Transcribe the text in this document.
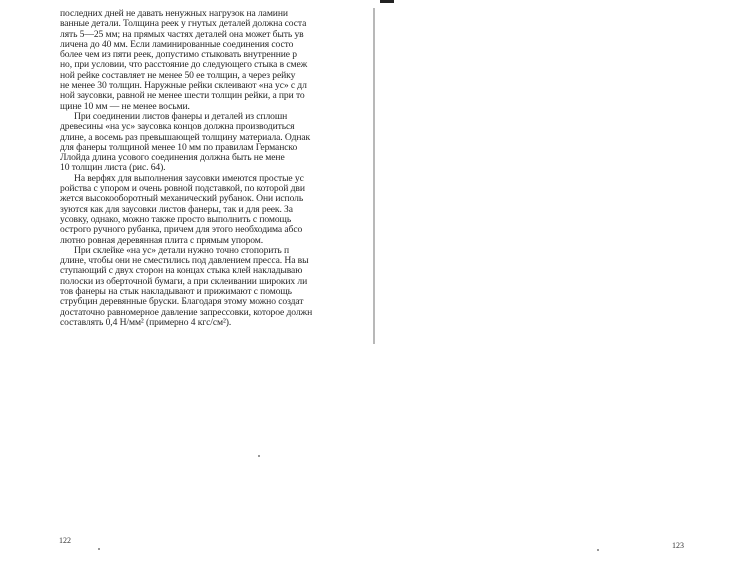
последних дней не давать ненужных нагрузок на ламини
ванные детали. Толщина реек у гнутых деталей должна соста
лять 5—25 мм; на прямых частях деталей она может быть ув
личена до 40 мм. Если ламинированные соединения состо
более чем из пяти реек, допустимо стыковать внутренние р
но, при условии, что расстояние до следующего стыка в смеж
ной рейке составляет не менее 50 ее толщин, а через рейку
не менее 30 толщин. Наружные рейки склеивают «на ус» с дл
ной заусовки, равной не менее шести толщин рейки, а при то
щине 10 мм — не менее восьми.

При соединении листов фанеры и деталей из сплошн
древесины «на ус» заусовка концов должна производиться
длине, а восемь раз превышающей толщину материала. Однак
для фанеры толщиной менее 10 мм по правилам Германско
Ллойда длина усового соединения должна быть не мене
10 толщин листа (рис. 64).

На верфях для выполнения заусовки имеются простые ус
ройства с упором и очень ровной подставкой, по которой дви
жется высокооборотный механический рубанок. Они исполь
зуются как для заусовки листов фанеры, так и для реек. За
усовку, однако, можно также просто выполнить с помощь
острого ручного рубанка, причем для этого необходима абсо
лютно ровная деревянная плита с прямым упором.

При склейке «на ус» детали нужно точно стопорить п
длине, чтобы они не сместились под давлением пресса. На вы
ступающий с двух сторон на концах стыка клей накладываю
полоски из оберточной бумаги, а при склеивании широких ли
тов фанеры на стык накладывают и прижимают с помощь
струбцин деревянные бруски. Благодаря этому можно создат
достаточно равномерное давление запрессовки, которое должн
составлять 0,4 Н/мм² (примерно 4 кгс/см²).

122
123
